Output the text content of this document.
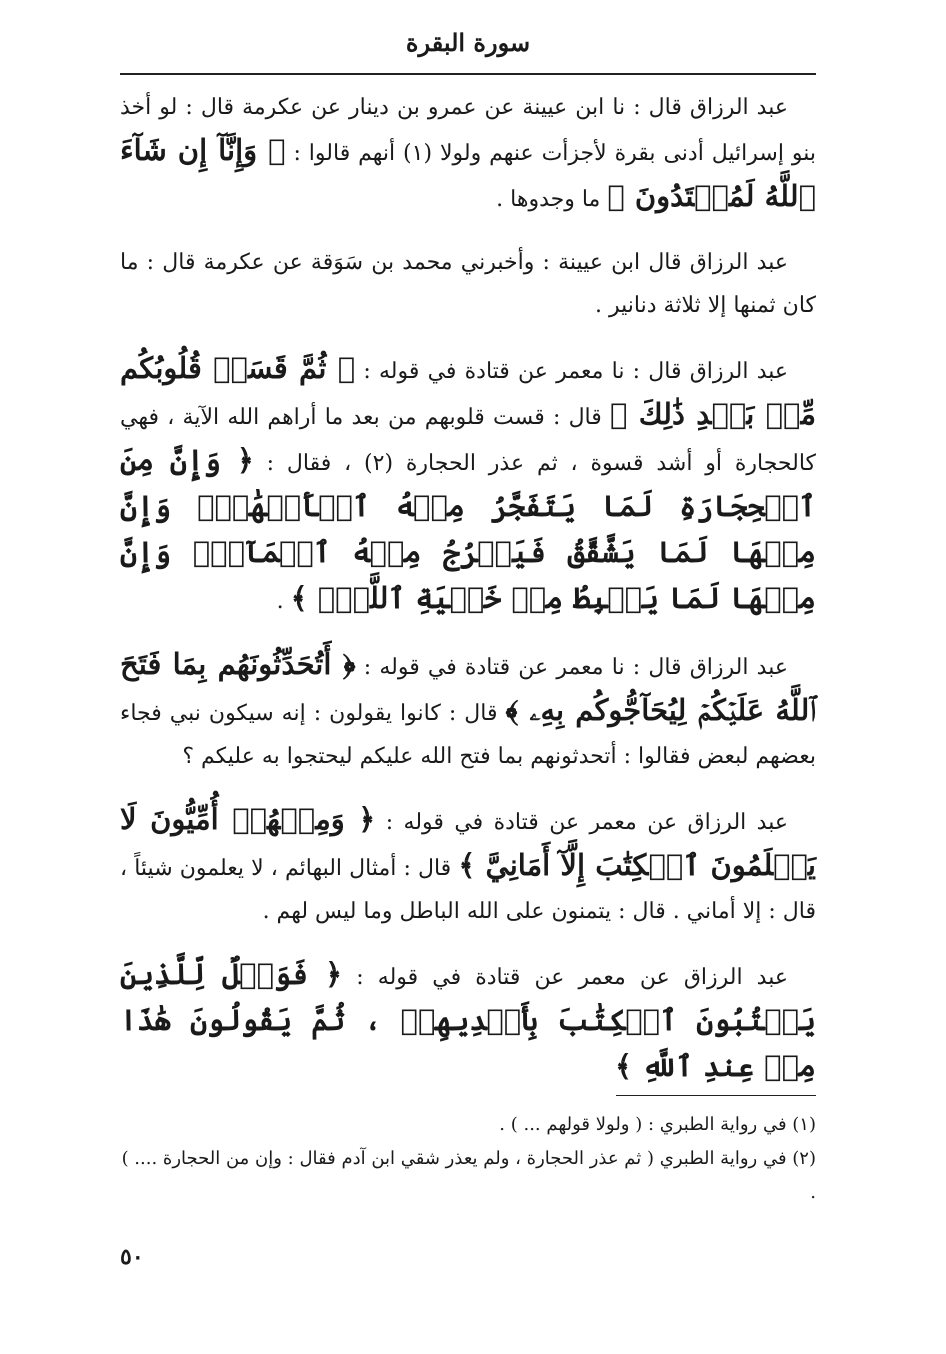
سورة البقرة

عبد الرزاق قال : نا ابن عيينة عن عمرو بن دينار عن عكرمة قال : لو أخذ بنو إسرائيل أدنى بقرة لأجزأت عنهم ولولا (١) أنهم قالوا : ﴿ وَإِنَّآ إِن شَآءَ ٱللَّهُ لَمُهۡتَدُونَ ﴾ ما وجدوها .

عبد الرزاق قال ابن عيينة : وأخبرني محمد بن سَوَقة عن عكرمة قال : ما كان ثمنها إلا ثلاثة دنانير .

عبد الرزاق قال : نا معمر عن قتادة في قوله : ﴿ ثُمَّ قَسَتۡ قُلُوبُكُم مِّنۢ بَعۡدِ ذَٰلِكَ ﴾ قال : قست قلوبهم من بعد ما أراهم الله الآية ، فهي كالحجارة أو أشد قسوة ، ثم عذر الحجارة (٢) ، فقال : ﴿ وَإِنَّ مِنَ ٱلۡحِجَارَةِ لَمَا يَتَفَجَّرُ مِنۡهُ ٱلۡأَنۡهَٰرُۚ وَإِنَّ مِنۡهَا لَمَا يَشَّقَّقُ فَيَخۡرُجُ مِنۡهُ ٱلۡمَآءُۚ وَإِنَّ مِنۡهَا لَمَا يَهۡبِطُ مِنۡ خَشۡيَةِ ٱللَّهِۗ ﴾ .

عبد الرزاق قال : نا معمر عن قتادة في قوله : ﴿ أَتُحَدِّثُونَهُم بِمَا فَتَحَ ٱللَّهُ عَلَيۡكُمۡ لِيُحَآجُّوكُم بِهِۦ ﴾ قال : كانوا يقولون : إنه سيكون نبي فجاء بعضهم لبعض فقالوا : أتحدثونهم بما فتح الله عليكم ليحتجوا به عليكم ؟

عبد الرزاق عن معمر عن قتادة في قوله : ﴿ وَمِنۡهُمۡ أُمِّيُّونَ لَا يَعۡلَمُونَ ٱلۡكِتَٰبَ إِلَّآ أَمَانِيَّ ﴾ قال : أمثال البهائم ، لا يعلمون شيئاً ، قال : إلا أماني . قال : يتمنون على الله الباطل وما ليس لهم .

عبد الرزاق عن معمر عن قتادة في قوله : ﴿ فَوَيۡلٌ لِّلَّذِينَ يَكۡتُبُونَ ٱلۡكِتَٰبَ بِأَيۡدِيهِمۡ ، ثُمَّ يَقُولُونَ هَٰذَا مِنۡ عِندِ ٱللَّهِ ﴾

(١) في رواية الطبري : ( ولولا قولهم ... ) .

(٢) في رواية الطبري ( ثم عذر الحجارة ، ولم يعذر شقي ابن آدم فقال : وإن من الحجارة .... ) .

٥٠
